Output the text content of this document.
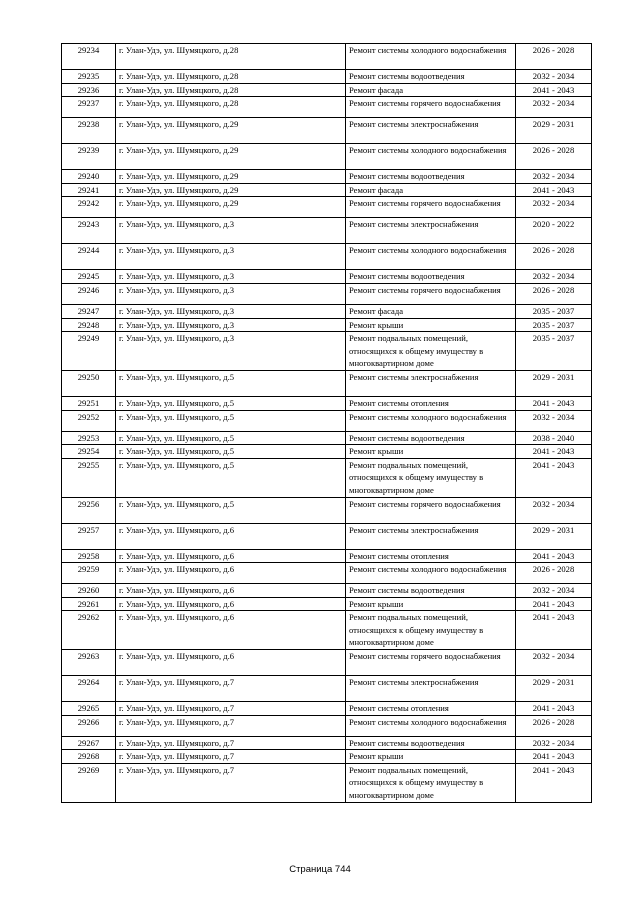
29234	г. Улан-Удэ, ул. Шумяцкого, д.28	Ремонт системы холодного водоснабжения	2026 - 2028
29235	г. Улан-Удэ, ул. Шумяцкого, д.28	Ремонт системы водоотведения	2032 - 2034
29236	г. Улан-Удэ, ул. Шумяцкого, д.28	Ремонт фасада	2041 - 2043
29237	г. Улан-Удэ, ул. Шумяцкого, д.28	Ремонт системы горячего водоснабжения	2032 - 2034
29238	г. Улан-Удэ, ул. Шумяцкого, д.29	Ремонт системы электроснабжения	2029 - 2031
29239	г. Улан-Удэ, ул. Шумяцкого, д.29	Ремонт системы холодного водоснабжения	2026 - 2028
29240	г. Улан-Удэ, ул. Шумяцкого, д.29	Ремонт системы водоотведения	2032 - 2034
29241	г. Улан-Удэ, ул. Шумяцкого, д.29	Ремонт фасада	2041 - 2043
29242	г. Улан-Удэ, ул. Шумяцкого, д.29	Ремонт системы горячего водоснабжения	2032 - 2034
29243	г. Улан-Удэ, ул. Шумяцкого, д.3	Ремонт системы электроснабжения	2020 - 2022
29244	г. Улан-Удэ, ул. Шумяцкого, д.3	Ремонт системы холодного водоснабжения	2026 - 2028
29245	г. Улан-Удэ, ул. Шумяцкого, д.3	Ремонт системы водоотведения	2032 - 2034
29246	г. Улан-Удэ, ул. Шумяцкого, д.3	Ремонт системы горячего водоснабжения	2026 - 2028
29247	г. Улан-Удэ, ул. Шумяцкого, д.3	Ремонт фасада	2035 - 2037
29248	г. Улан-Удэ, ул. Шумяцкого, д.3	Ремонт крыши	2035 - 2037
29249	г. Улан-Удэ, ул. Шумяцкого, д.3	Ремонт подвальных помещений, относящихся к общему имуществу в многоквартирном доме	2035 - 2037
29250	г. Улан-Удэ, ул. Шумяцкого, д.5	Ремонт системы электроснабжения	2029 - 2031
29251	г. Улан-Удэ, ул. Шумяцкого, д.5	Ремонт системы отопления	2041 - 2043
29252	г. Улан-Удэ, ул. Шумяцкого, д.5	Ремонт системы холодного водоснабжения	2032 - 2034
29253	г. Улан-Удэ, ул. Шумяцкого, д.5	Ремонт системы водоотведения	2038 - 2040
29254	г. Улан-Удэ, ул. Шумяцкого, д.5	Ремонт крыши	2041 - 2043
29255	г. Улан-Удэ, ул. Шумяцкого, д.5	Ремонт подвальных помещений, относящихся к общему имуществу в многоквартирном доме	2041 - 2043
29256	г. Улан-Удэ, ул. Шумяцкого, д.5	Ремонт системы горячего водоснабжения	2032 - 2034
29257	г. Улан-Удэ, ул. Шумяцкого, д.6	Ремонт системы электроснабжения	2029 - 2031
29258	г. Улан-Удэ, ул. Шумяцкого, д.6	Ремонт системы отопления	2041 - 2043
29259	г. Улан-Удэ, ул. Шумяцкого, д.6	Ремонт системы холодного водоснабжения	2026 - 2028
29260	г. Улан-Удэ, ул. Шумяцкого, д.6	Ремонт системы водоотведения	2032 - 2034
29261	г. Улан-Удэ, ул. Шумяцкого, д.6	Ремонт крыши	2041 - 2043
29262	г. Улан-Удэ, ул. Шумяцкого, д.6	Ремонт подвальных помещений, относящихся к общему имуществу в многоквартирном доме	2041 - 2043
29263	г. Улан-Удэ, ул. Шумяцкого, д.6	Ремонт системы горячего водоснабжения	2032 - 2034
29264	г. Улан-Удэ, ул. Шумяцкого, д.7	Ремонт системы электроснабжения	2029 - 2031
29265	г. Улан-Удэ, ул. Шумяцкого, д.7	Ремонт системы отопления	2041 - 2043
29266	г. Улан-Удэ, ул. Шумяцкого, д.7	Ремонт системы холодного водоснабжения	2026 - 2028
29267	г. Улан-Удэ, ул. Шумяцкого, д.7	Ремонт системы водоотведения	2032 - 2034
29268	г. Улан-Удэ, ул. Шумяцкого, д.7	Ремонт крыши	2041 - 2043
29269	г. Улан-Удэ, ул. Шумяцкого, д.7	Ремонт подвальных помещений, относящихся к общему имуществу в многоквартирном доме	2041 - 2043
Страница 744
